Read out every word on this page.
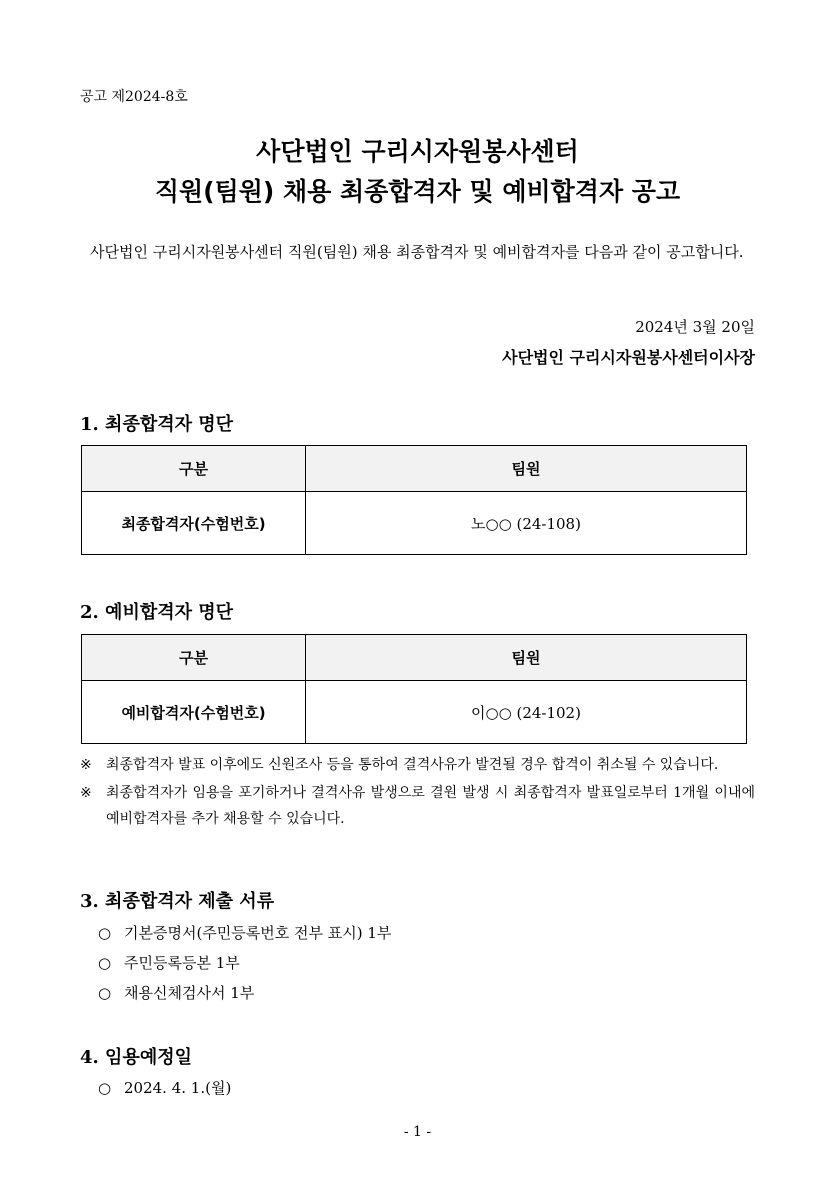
공고 제2024-8호
사단법인 구리시자원봉사센터
직원(팀원) 채용 최종합격자 및 예비합격자 공고
사단법인 구리시자원봉사센터 직원(팀원) 채용 최종합격자 및 예비합격자를 다음과 같이 공고합니다.
2024년 3월 20일
사단법인 구리시자원봉사센터이사장
1. 최종합격자 명단
구분	팀원
최종합격자(수험번호)	노○○ (24-108)
2. 예비합격자 명단
구분	팀원
예비합격자(수험번호)	이○○ (24-102)
※	최종합격자 발표 이후에도 신원조사 등을 통하여 결격사유가 발견될 경우 합격이 취소될 수 있습니다.
※	최종합격자가 임용을 포기하거나 결격사유 발생으로 결원 발생 시 최종합격자 발표일로부터 1개월 이내에 예비합격자를 추가 채용할 수 있습니다.
3. 최종합격자 제출 서류
○ 기본증명서(주민등록번호 전부 표시) 1부
○ 주민등록등본 1부
○ 채용신체검사서 1부
4. 임용예정일
○ 2024. 4. 1.(월)
- 1 -
